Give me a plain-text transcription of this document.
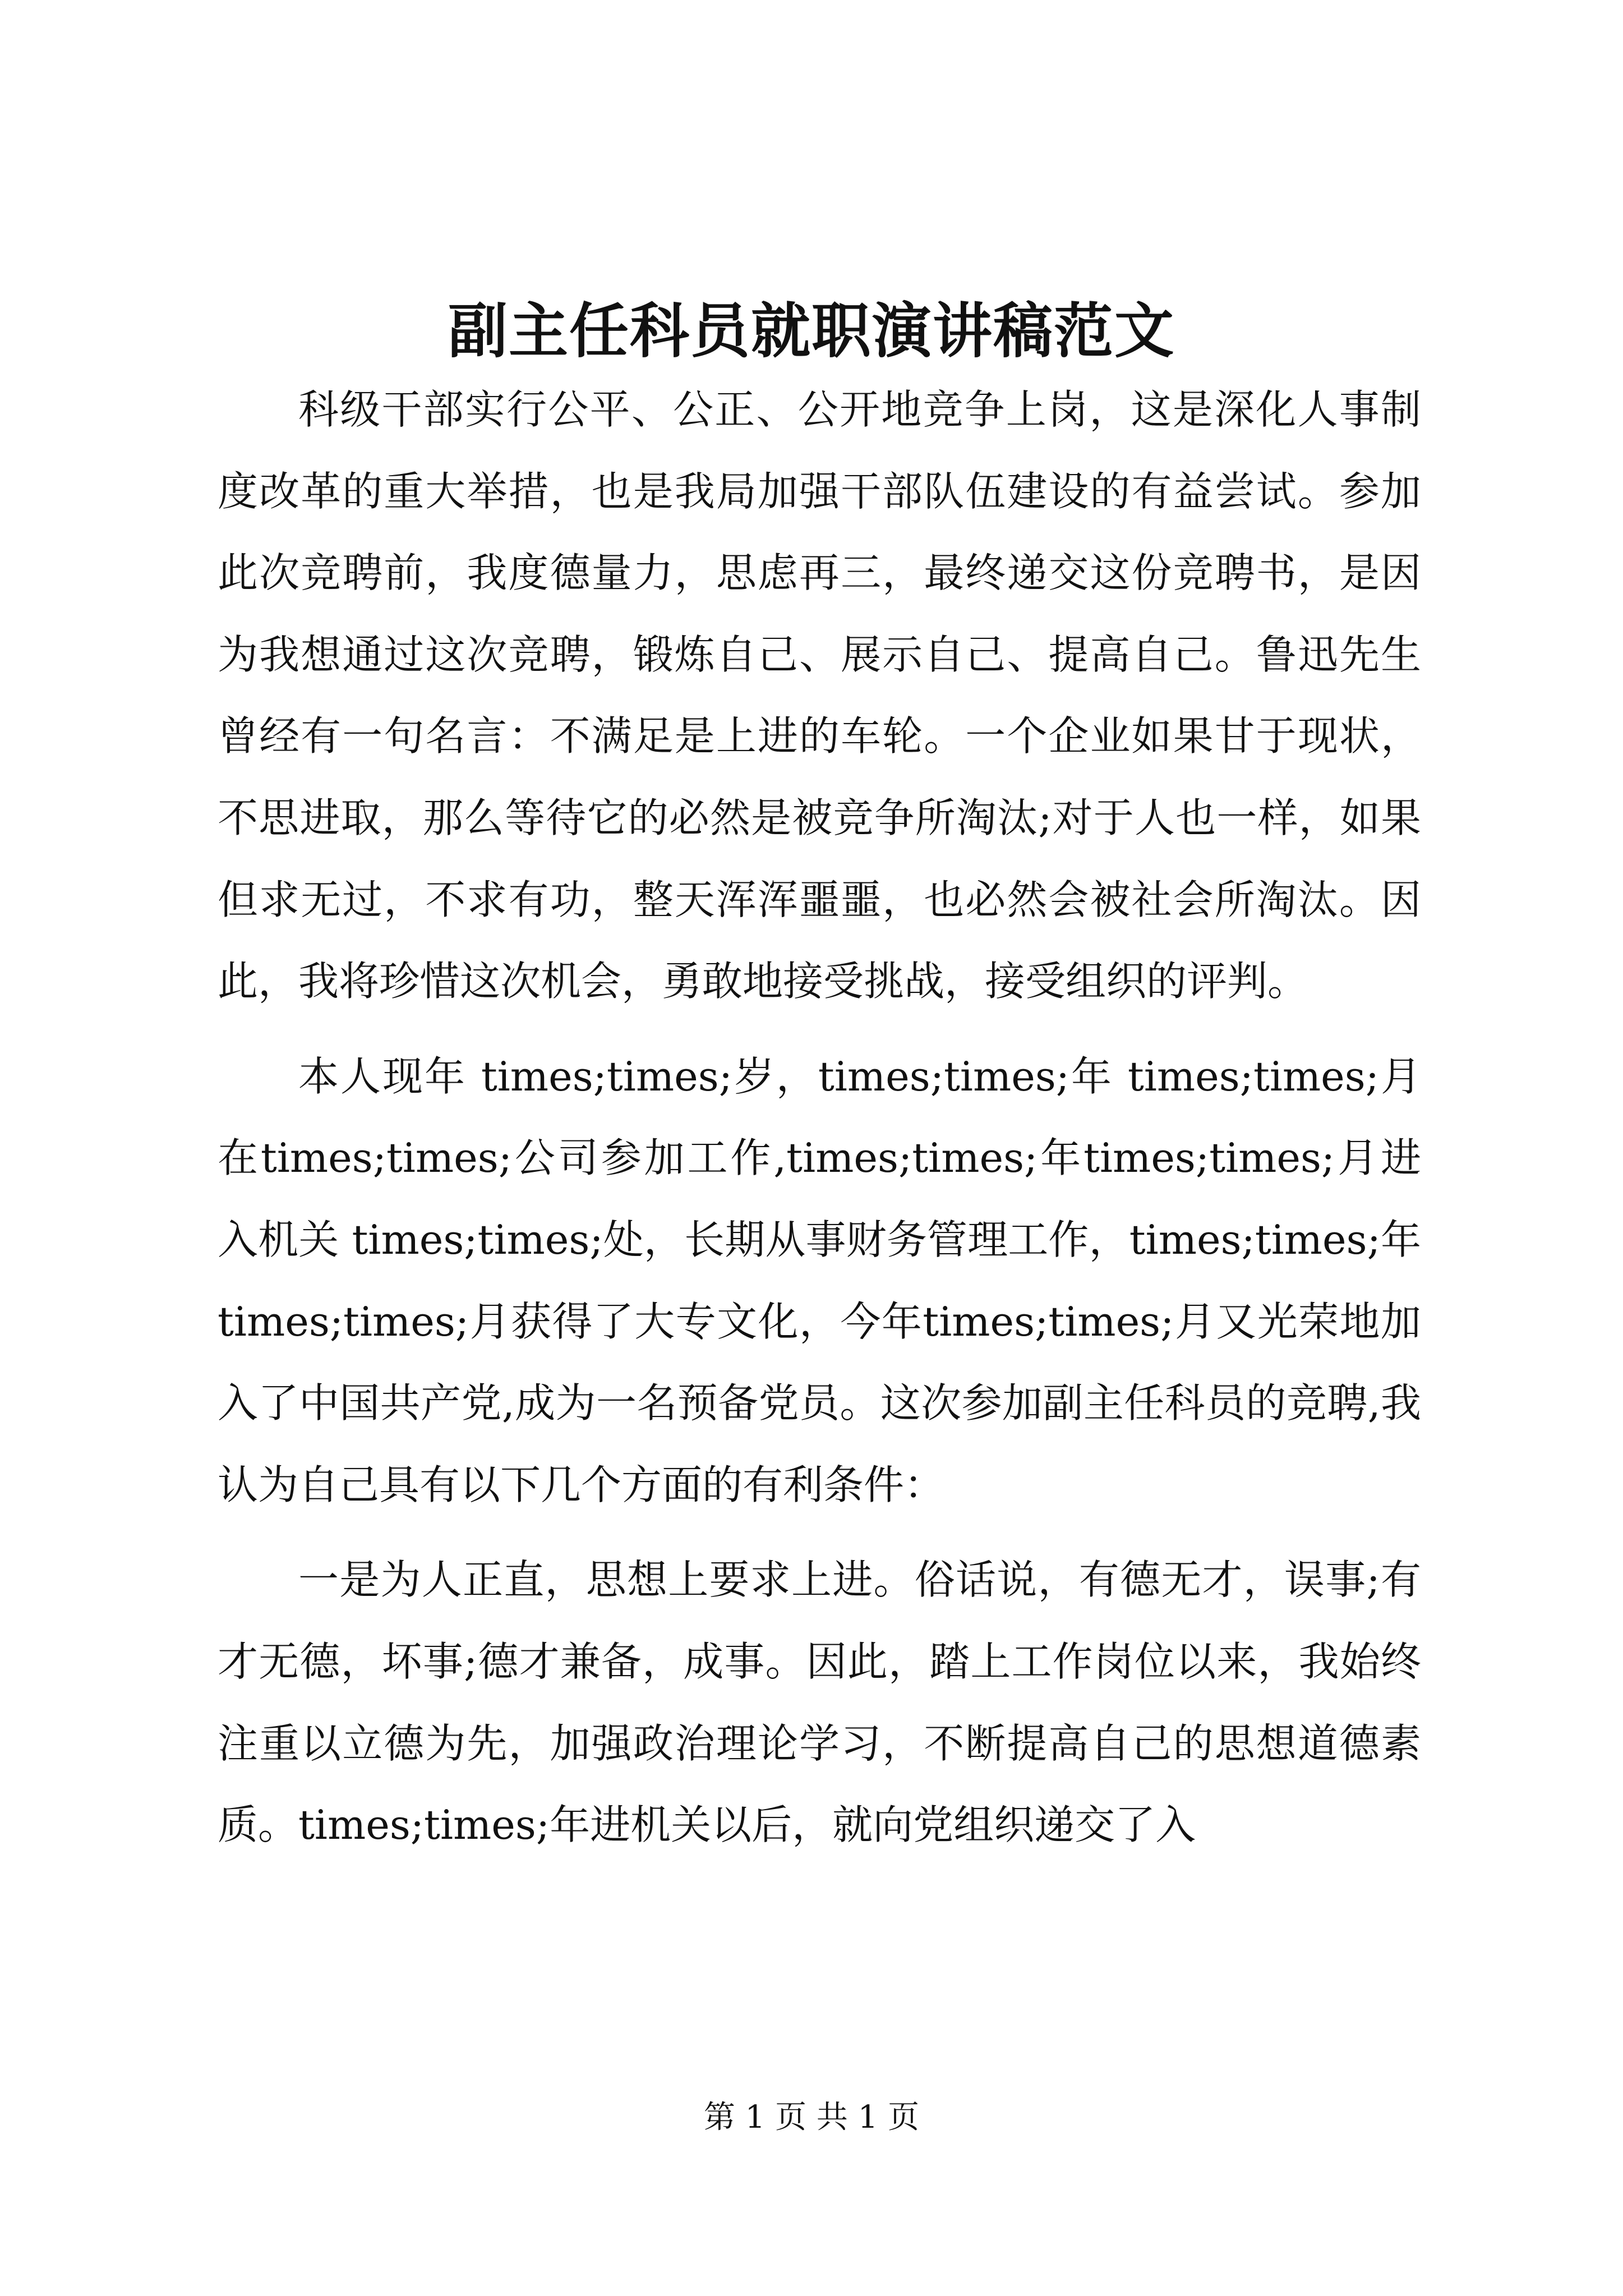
副主任科员就职演讲稿范文

科级干部实行公平、公正、公开地竞争上岗，这是深化人事制度改革的重大举措，也是我局加强干部队伍建设的有益尝试。参加此次竞聘前，我度德量力，思虑再三，最终递交这份竞聘书，是因为我想通过这次竞聘，锻炼自己、展示自己、提高自己。鲁迅先生曾经有一句名言：不满足是上进的车轮。一个企业如果甘于现状，不思进取，那么等待它的必然是被竞争所淘汰;对于人也一样，如果但求无过，不求有功，整天浑浑噩噩，也必然会被社会所淘汰。因此，我将珍惜这次机会，勇敢地接受挑战，接受组织的评判。

本人现年 times;times;岁，times;times;年 times;times;月在times;times;公司参加工作,times;times;年times;times;月进入机关 times;times;处，长期从事财务管理工作，times;times;年 times;times;月获得了大专文化，今年times;times;月又光荣地加入了中国共产党,成为一名预备党员。这次参加副主任科员的竞聘,我认为自己具有以下几个方面的有利条件：

一是为人正直，思想上要求上进。俗话说，有德无才，误事;有才无德，坏事;德才兼备，成事。因此，踏上工作岗位以来，我始终注重以立德为先，加强政治理论学习，不断提高自己的思想道德素质。times;times;年进机关以后，就向党组织递交了入

第 1 页 共 1 页
